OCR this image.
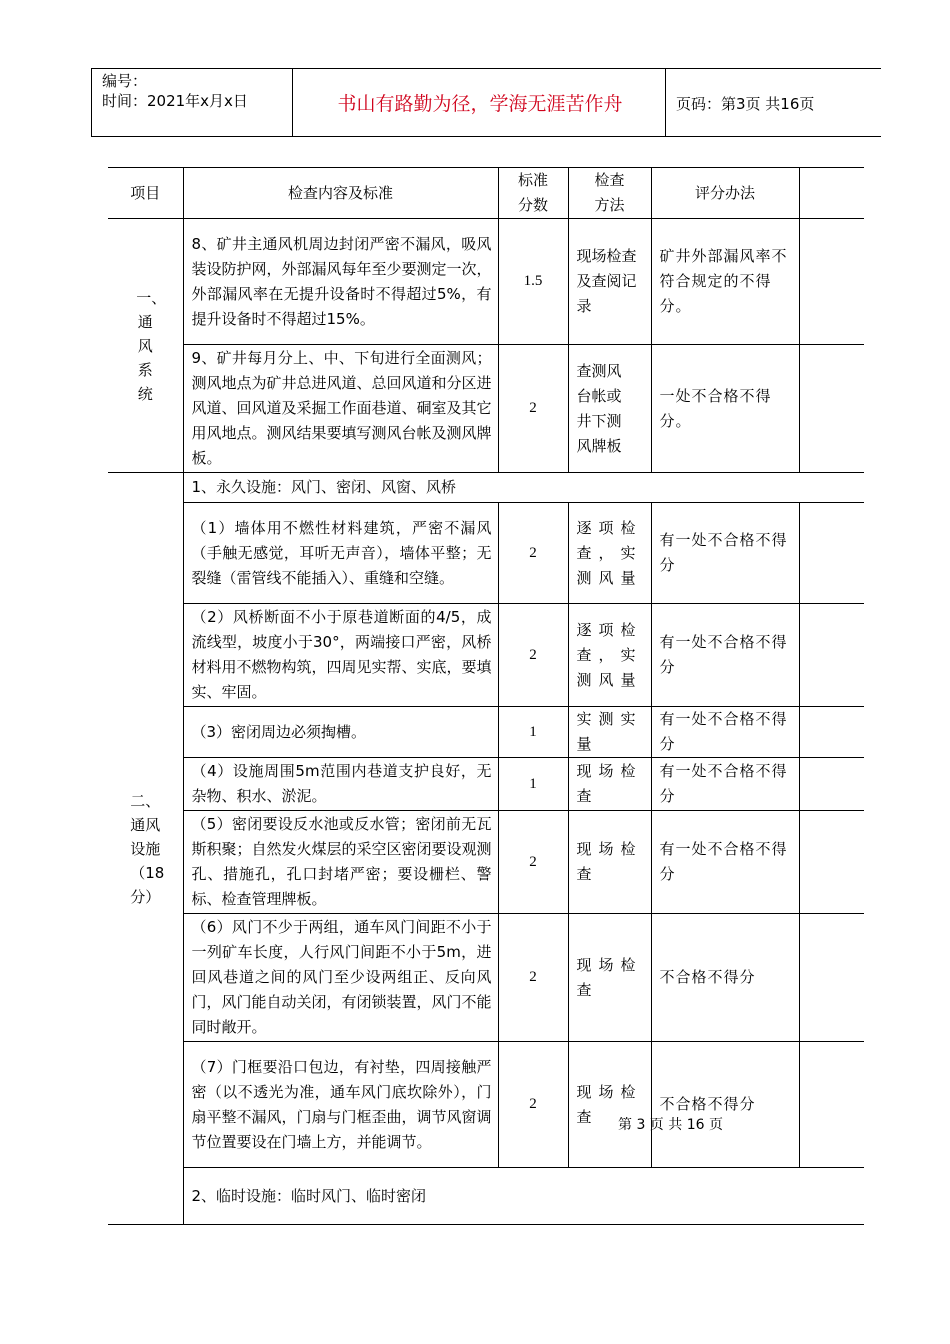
编号：
时间：2021年x月x日	书山有路勤为径，学海无涯苦作舟	页码：第3页 共16页
项目	检查内容及标准	标准分数	检查方法	评分办法	

一、通风系统	8、矿井主通风机周边封闭严密不漏风，吸风装设防护网，外部漏风每年至少要测定一次，外部漏风率在无提升设备时不得超过5%，有提升设备时不得超过15%。	1.5	现场检查及查阅记录	矿井外部漏风率不符合规定的不得分。	
	9、矿井每月分上、中、下旬进行全面测风；测风地点为矿井总进风道、总回风道和分区进风道、回风道及采掘工作面巷道、硐室及其它用风地点。测风结果要填写测风台帐及测风牌板。	2	查测风台帐或井下测风牌板	一处不合格不得分。	

二、通风设施（18分）	1、永久设施：风门、密闭、风窗、风桥				
	（1）墙体用不燃性材料建筑，严密不漏风（手触无感觉，耳听无声音），墙体平整；无裂缝（雷管线不能插入）、重缝和空缝。	2	逐项检查，实测风量	有一处不合格不得分	
	（2）风桥断面不小于原巷道断面的4/5，成流线型，坡度小于30°，两端接口严密，风桥材料用不燃物构筑，四周见实帮、实底，要填实、牢固。	2	逐项检查，实测风量	有一处不合格不得分	
	（3）密闭周边必须掏槽。	1	实测实量	有一处不合格不得分	
	（4）设施周围5m范围内巷道支护良好，无杂物、积水、淤泥。	1	现场检查	有一处不合格不得分	
	（5）密闭要设反水池或反水管；密闭前无瓦斯积聚；自然发火煤层的采空区密闭要设观测孔、措施孔，孔口封堵严密；要设栅栏、警标、检查管理牌板。	2	现场检查	有一处不合格不得分	
	（6）风门不少于两组，通车风门间距不小于一列矿车长度，人行风门间距不小于5m，进回风巷道之间的风门至少设两组正、反向风门，风门能自动关闭，有闭锁装置，风门不能同时敞开。	2	现场检查	不合格不得分	
	（7）门框要沿口包边，有衬垫，四周接触严密（以不透光为准，通车风门底坎除外），门扇平整不漏风，门扇与门框歪曲，调节风窗调节位置要设在门墙上方，并能调节。	2	现场检查	不合格不得分	
	2、临时设施：临时风门、临时密闭				
第 3 页 共 16 页
